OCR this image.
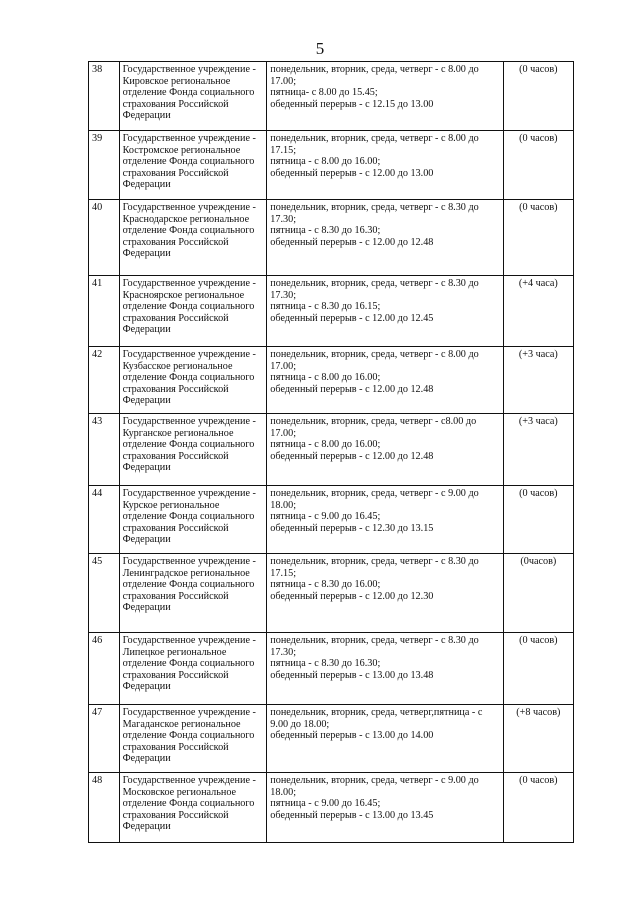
5
38	Государственное учреждение - Кировское региональное отделение Фонда социального страхования Российской Федерации	понедельник, вторник, среда, четверг - с 8.00 до 17.00;
пятница- с 8.00 до 15.45;
обеденный перерыв - с 12.15 до 13.00	(0 часов)
39	Государственное учреждение - Костромское региональное отделение Фонда социального страхования Российской Федерации	понедельник, вторник, среда, четверг - с 8.00 до 17.15;
пятница - с 8.00 до 16.00;
обеденный перерыв - с 12.00 до 13.00	(0 часов)
40	Государственное учреждение - Краснодарское региональное отделение Фонда социального страхования Российской Федерации	понедельник, вторник, среда, четверг - с 8.30 до 17.30;
пятница - с 8.30 до 16.30;
обеденный перерыв - с 12.00 до 12.48	(0 часов)
41	Государственное учреждение - Красноярское региональное отделение Фонда социального страхования Российской Федерации	понедельник, вторник, среда, четверг - с 8.30 до 17.30;
пятница - с 8.30 до 16.15;
обеденный перерыв - с 12.00 до 12.45	(+4 часа)
42	Государственное учреждение - Кузбасское региональное отделение Фонда социального страхования Российской Федерации	понедельник, вторник, среда, четверг - с 8.00 до 17.00;
пятница - с 8.00 до 16.00;
обеденный перерыв - с 12.00 до 12.48	(+3 часа)
43	Государственное учреждение - Курганское региональное отделение Фонда социального страхования Российской Федерации	понедельник, вторник, среда, четверг - с8.00 до 17.00;
пятница - с 8.00 до 16.00;
обеденный перерыв - с 12.00 до 12.48	(+3 часа)
44	Государственное учреждение - Курское региональное отделение Фонда социального страхования Российской Федерации	понедельник, вторник, среда, четверг - с 9.00 до 18.00;
пятница - с 9.00 до 16.45;
обеденный перерыв - с 12.30 до 13.15	(0 часов)
45	Государственное учреждение - Ленинградское региональное отделение Фонда социального страхования Российской Федерации	понедельник, вторник, среда, четверг - с 8.30 до 17.15;
пятница - с 8.30 до 16.00;
обеденный перерыв - с 12.00 до 12.30	(0часов)
46	Государственное учреждение - Липецкое региональное отделение Фонда социального страхования Российской Федерации	понедельник, вторник, среда, четверг - с 8.30 до 17.30;
пятница - с 8.30 до 16.30;
обеденный перерыв - с 13.00 до 13.48	(0 часов)
47	Государственное учреждение - Магаданское региональное отделение Фонда социального страхования Российской Федерации	понедельник, вторник, среда, четверг,пятница - с 9.00 до 18.00;
обеденный перерыв - с 13.00 до 14.00	(+8 часов)
48	Государственное учреждение - Московское региональное отделение Фонда социального страхования Российской Федерации	понедельник, вторник, среда, четверг - с 9.00 до 18.00;
пятница - с 9.00 до 16.45;
обеденный перерыв - с 13.00 до 13.45	(0 часов)
